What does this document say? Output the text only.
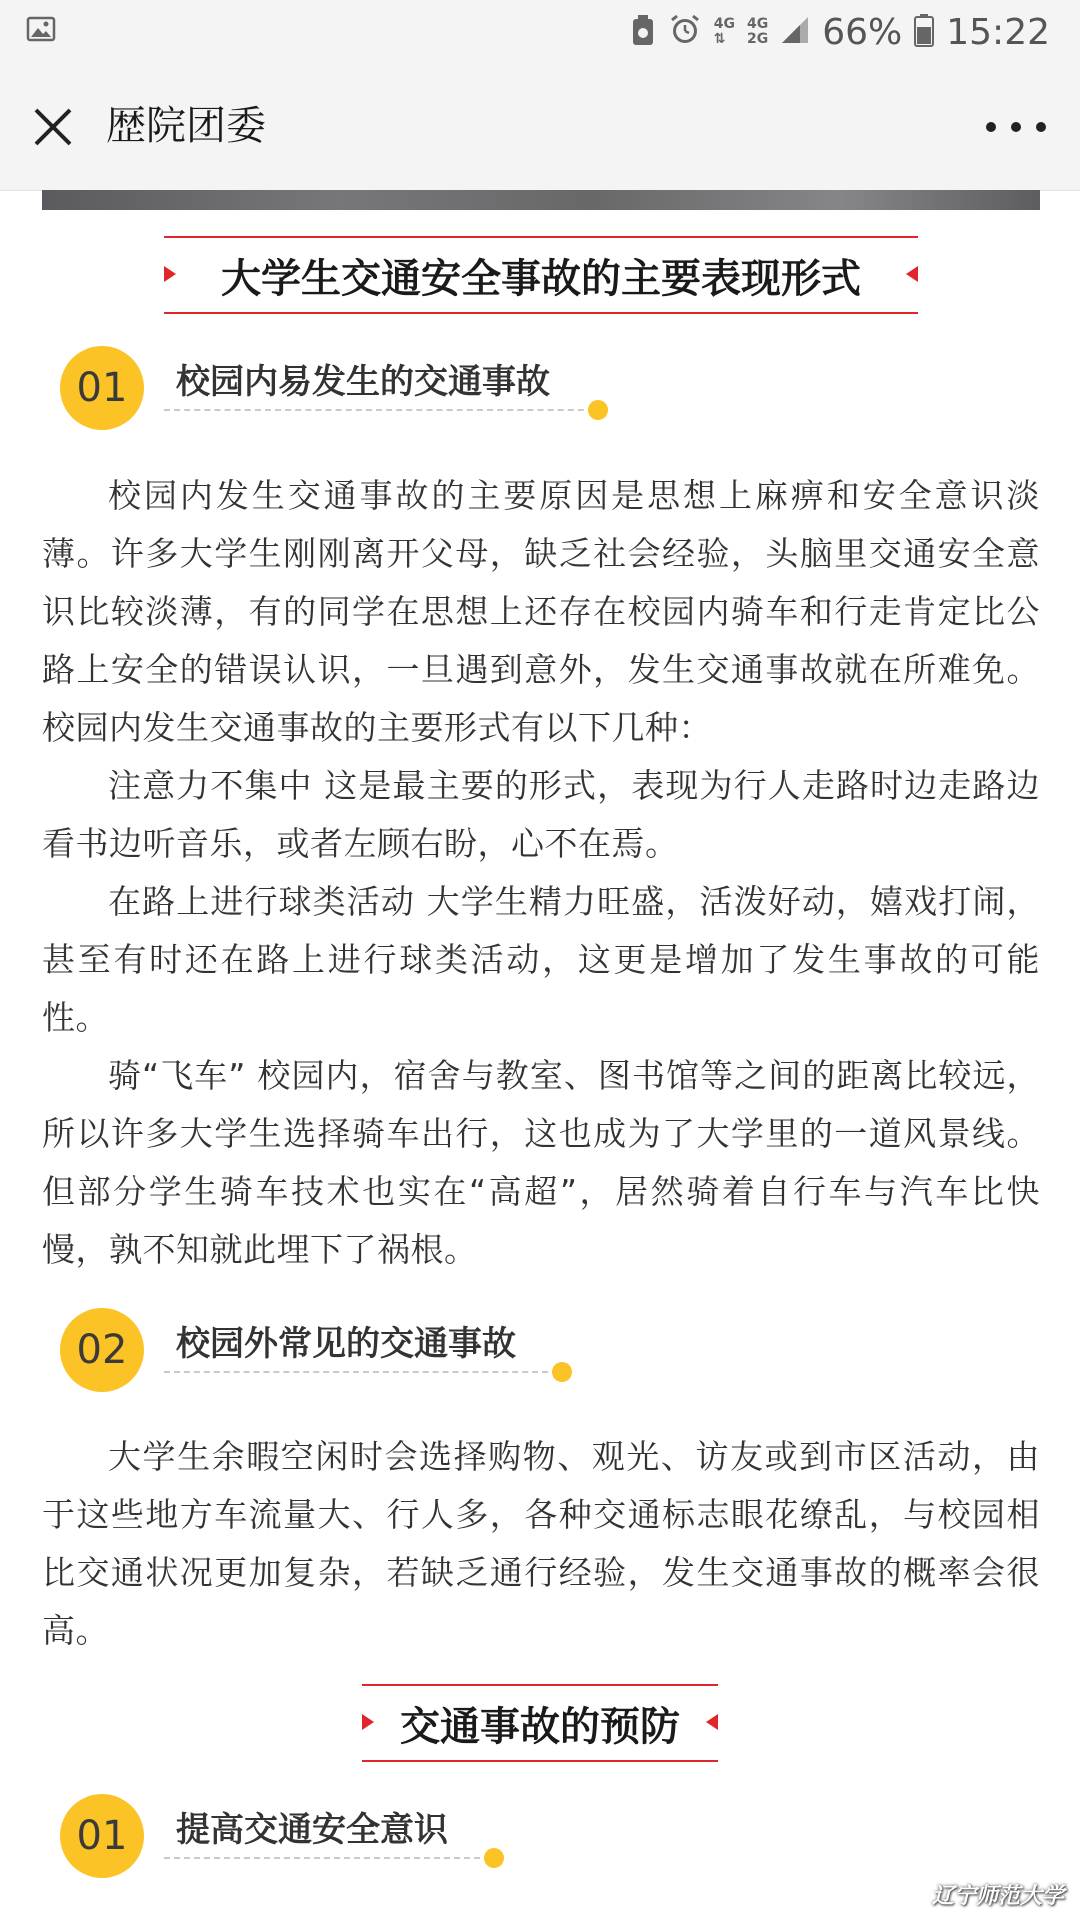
4G
⇅
4G
2G 66% 15:22
歴院团委
大学生交通安全事故的主要表现形式
01	校园内易发生的交通事故

校园内发生交通事故的主要原因是思想上麻痹和安全意识淡薄。许多大学生刚刚离开父母，缺乏社会经验，头脑里交通安全意识比较淡薄，有的同学在思想上还存在校园内骑车和行走肯定比公路上安全的错误认识，一旦遇到意外，发生交通事故就在所难免。校园内发生交通事故的主要形式有以下几种：

注意力不集中 这是最主要的形式，表现为行人走路时边走路边看书边听音乐，或者左顾右盼，心不在焉。

在路上进行球类活动 大学生精力旺盛，活泼好动，嬉戏打闹，甚至有时还在路上进行球类活动，这更是增加了发生事故的可能性。

骑“飞车” 校园内，宿舍与教室、图书馆等之间的距离比较远，所以许多大学生选择骑车出行，这也成为了大学里的一道风景线。但部分学生骑车技术也实在“高超”，居然骑着自行车与汽车比快慢，孰不知就此埋下了祸根。

02	校园外常见的交通事故

大学生余暇空闲时会选择购物、观光、访友或到市区活动，由于这些地方车流量大、行人多，各种交通标志眼花缭乱，与校园相比交通状况更加复杂，若缺乏通行经验，发生交通事故的概率会很高。

交通事故的预防
01	提高交通安全意识
辽宁师范大学
